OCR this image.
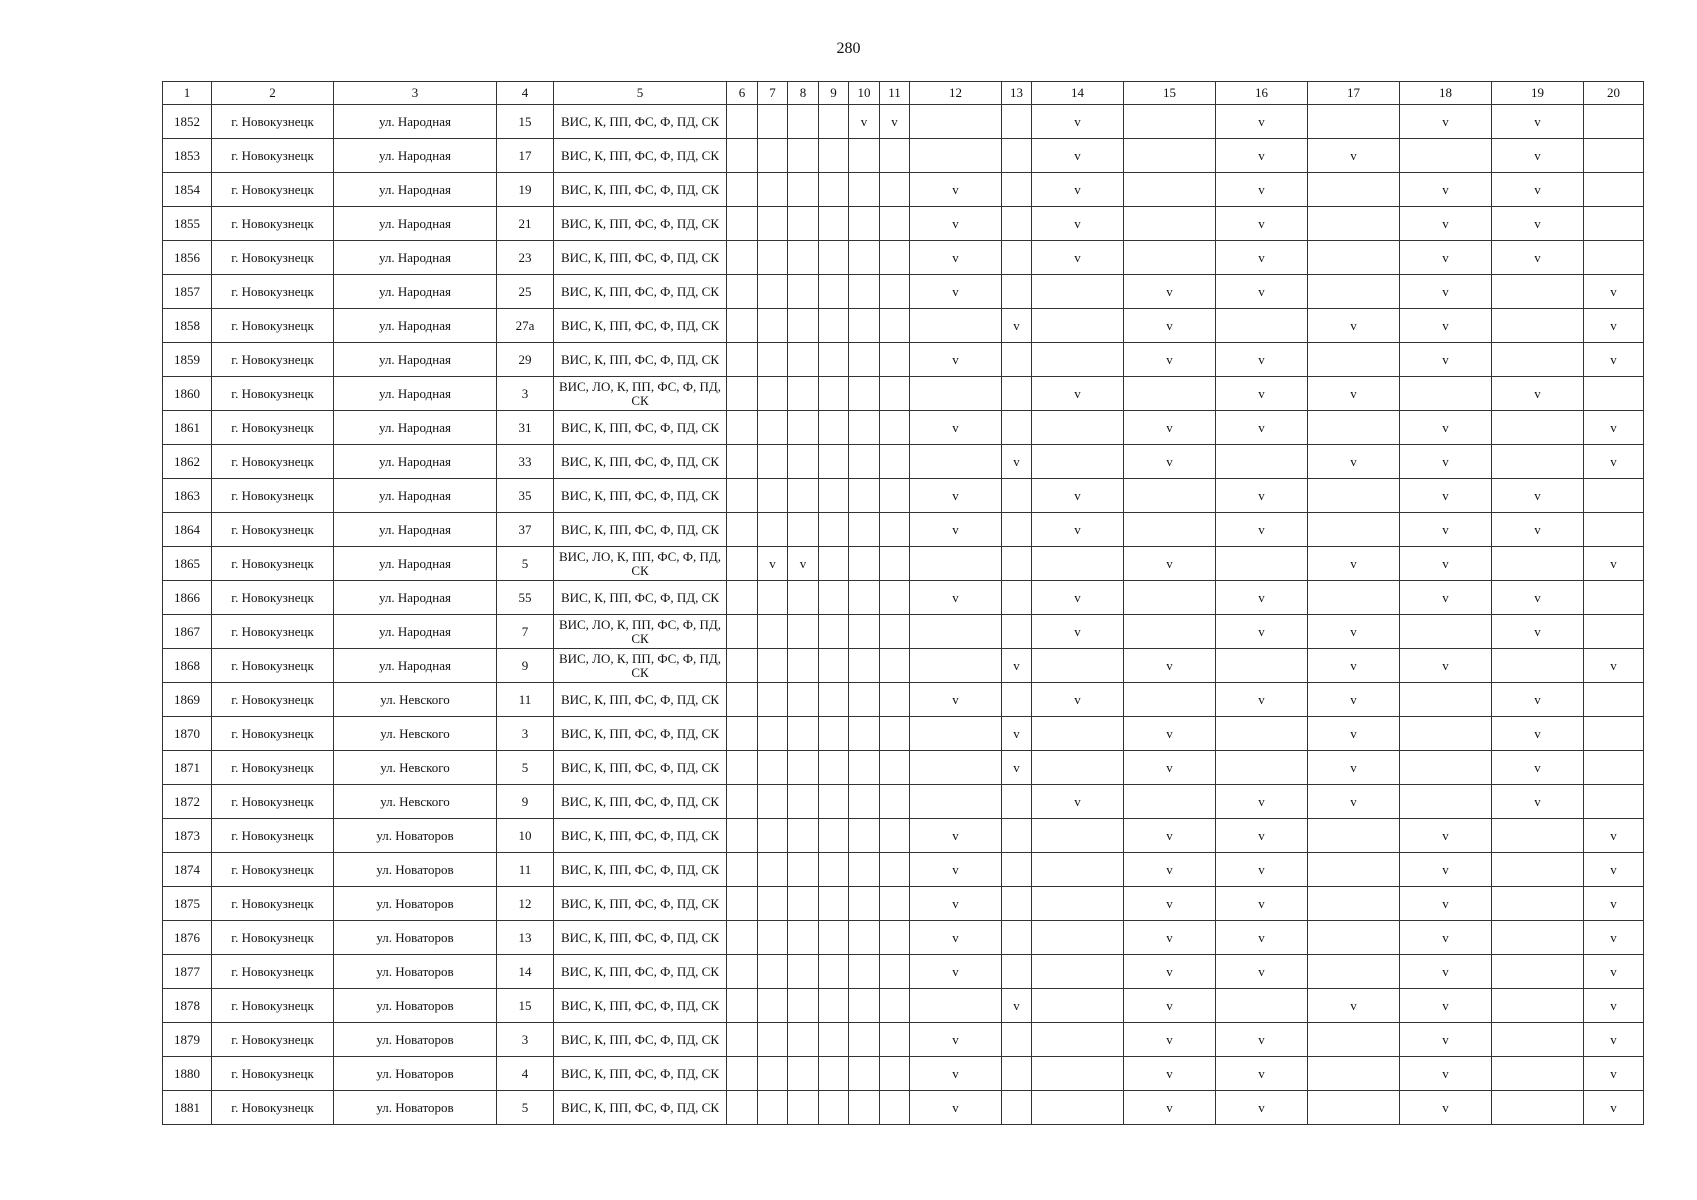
280
1	2	3	4	5	6	7	8	9	10	11	12	13	14	15	16	17	18	19	20
1852	г. Новокузнецк	ул. Народная	15	ВИС, К, ПП, ФС, Ф, ПД, СК					v	v			v		v		v	v	
1853	г. Новокузнецк	ул. Народная	17	ВИС, К, ПП, ФС, Ф, ПД, СК									v		v	v		v	
1854	г. Новокузнецк	ул. Народная	19	ВИС, К, ПП, ФС, Ф, ПД, СК							v		v		v		v	v	
1855	г. Новокузнецк	ул. Народная	21	ВИС, К, ПП, ФС, Ф, ПД, СК							v		v		v		v	v	
1856	г. Новокузнецк	ул. Народная	23	ВИС, К, ПП, ФС, Ф, ПД, СК							v		v		v		v	v	
1857	г. Новокузнецк	ул. Народная	25	ВИС, К, ПП, ФС, Ф, ПД, СК							v			v	v		v		v
1858	г. Новокузнецк	ул. Народная	27а	ВИС, К, ПП, ФС, Ф, ПД, СК								v		v		v	v		v
1859	г. Новокузнецк	ул. Народная	29	ВИС, К, ПП, ФС, Ф, ПД, СК							v			v	v		v		v
1860	г. Новокузнецк	ул. Народная	3	ВИС, ЛО, К, ПП, ФС, Ф, ПД, СК									v		v	v		v	
1861	г. Новокузнецк	ул. Народная	31	ВИС, К, ПП, ФС, Ф, ПД, СК							v			v	v		v		v
1862	г. Новокузнецк	ул. Народная	33	ВИС, К, ПП, ФС, Ф, ПД, СК								v		v		v	v		v
1863	г. Новокузнецк	ул. Народная	35	ВИС, К, ПП, ФС, Ф, ПД, СК							v		v		v		v	v	
1864	г. Новокузнецк	ул. Народная	37	ВИС, К, ПП, ФС, Ф, ПД, СК							v		v		v		v	v	
1865	г. Новокузнецк	ул. Народная	5	ВИС, ЛО, К, ПП, ФС, Ф, ПД, СК		v	v							v		v	v		v
1866	г. Новокузнецк	ул. Народная	55	ВИС, К, ПП, ФС, Ф, ПД, СК							v		v		v		v	v	
1867	г. Новокузнецк	ул. Народная	7	ВИС, ЛО, К, ПП, ФС, Ф, ПД, СК									v		v	v		v	
1868	г. Новокузнецк	ул. Народная	9	ВИС, ЛО, К, ПП, ФС, Ф, ПД, СК								v		v		v	v		v
1869	г. Новокузнецк	ул. Невского	11	ВИС, К, ПП, ФС, Ф, ПД, СК							v		v		v	v		v	
1870	г. Новокузнецк	ул. Невского	3	ВИС, К, ПП, ФС, Ф, ПД, СК								v		v		v		v	
1871	г. Новокузнецк	ул. Невского	5	ВИС, К, ПП, ФС, Ф, ПД, СК								v		v		v		v	
1872	г. Новокузнецк	ул. Невского	9	ВИС, К, ПП, ФС, Ф, ПД, СК									v		v	v		v	
1873	г. Новокузнецк	ул. Новаторов	10	ВИС, К, ПП, ФС, Ф, ПД, СК							v			v	v		v		v
1874	г. Новокузнецк	ул. Новаторов	11	ВИС, К, ПП, ФС, Ф, ПД, СК							v			v	v		v		v
1875	г. Новокузнецк	ул. Новаторов	12	ВИС, К, ПП, ФС, Ф, ПД, СК							v			v	v		v		v
1876	г. Новокузнецк	ул. Новаторов	13	ВИС, К, ПП, ФС, Ф, ПД, СК							v			v	v		v		v
1877	г. Новокузнецк	ул. Новаторов	14	ВИС, К, ПП, ФС, Ф, ПД, СК							v			v	v		v		v
1878	г. Новокузнецк	ул. Новаторов	15	ВИС, К, ПП, ФС, Ф, ПД, СК								v		v		v	v		v
1879	г. Новокузнецк	ул. Новаторов	3	ВИС, К, ПП, ФС, Ф, ПД, СК							v			v	v		v		v
1880	г. Новокузнецк	ул. Новаторов	4	ВИС, К, ПП, ФС, Ф, ПД, СК							v			v	v		v		v
1881	г. Новокузнецк	ул. Новаторов	5	ВИС, К, ПП, ФС, Ф, ПД, СК							v			v	v		v		v
